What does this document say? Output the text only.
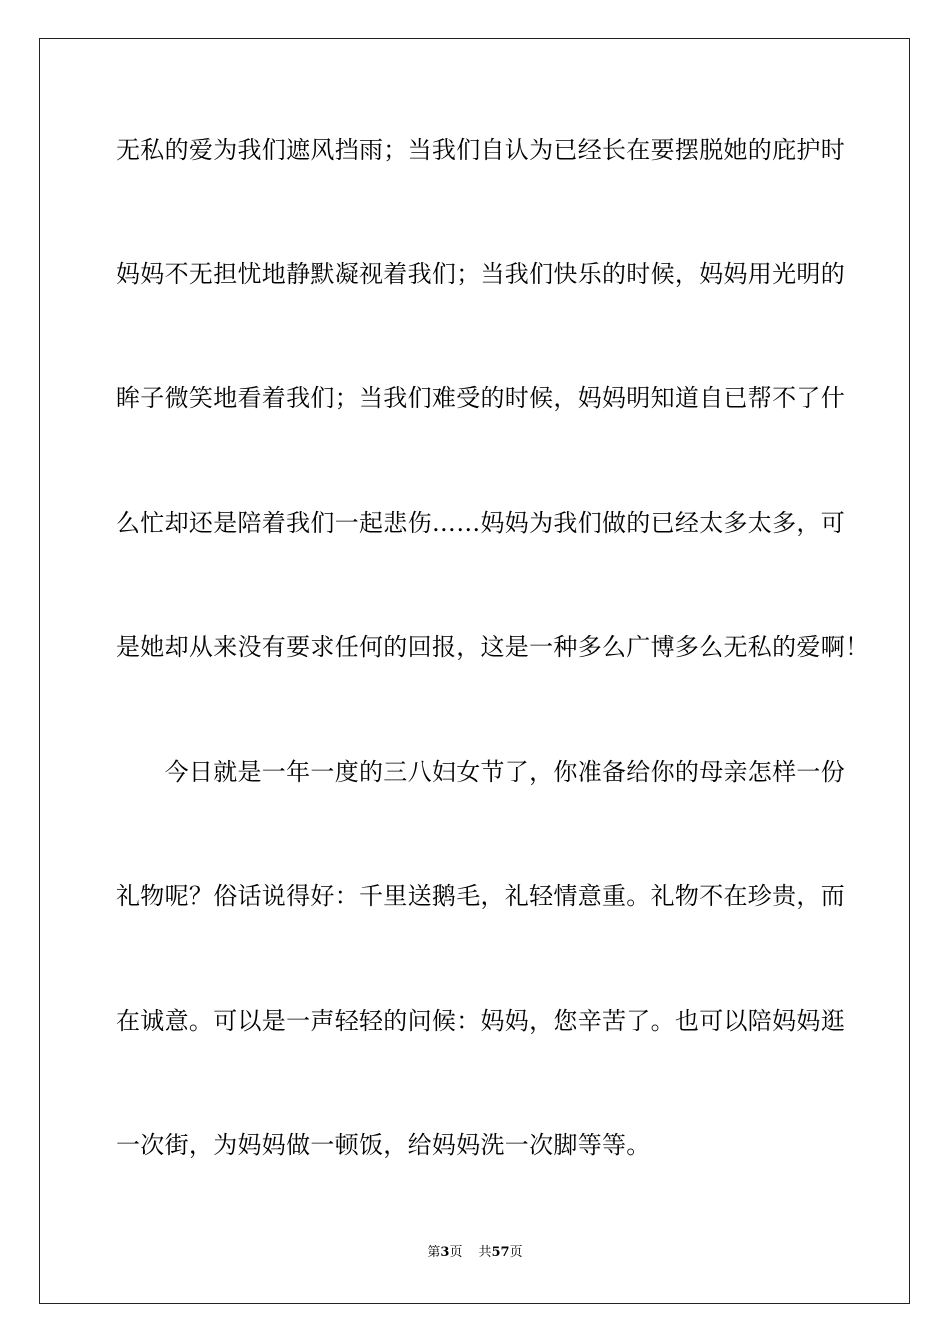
无私的爱为我们遮风挡雨；当我们自认为已经长在要摆脱她的庇护时
妈妈不无担忧地静默凝视着我们；当我们快乐的时候，妈妈用光明的
眸子微笑地看着我们；当我们难受的时候，妈妈明知道自已帮不了什
么忙却还是陪着我们一起悲伤……妈妈为我们做的已经太多太多，可
是她却从来没有要求任何的回报，这是一种多么广博多么无私的爱啊！
　　今日就是一年一度的三八妇女节了，你准备给你的母亲怎样一份
礼物呢？俗话说得好：千里送鹅毛，礼轻情意重。礼物不在珍贵，而
在诚意。可以是一声轻轻的问候：妈妈，您辛苦了。也可以陪妈妈逛
一次街，为妈妈做一顿饭，给妈妈洗一次脚等等。
第3页 共57页
